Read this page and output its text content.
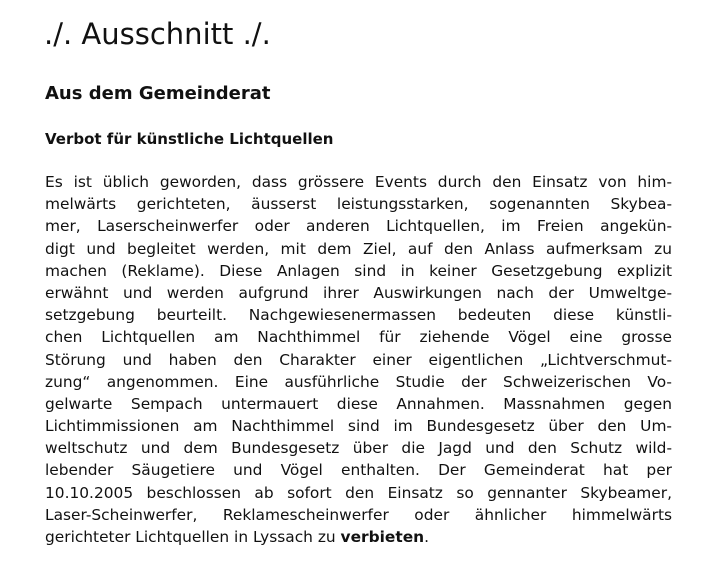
./. Ausschnitt ./.
Aus dem Gemeinderat
Verbot für künstliche Lichtquellen
Es ist üblich geworden, dass grössere Events durch den Einsatz von him-
melwärts gerichteten, äusserst leistungsstarken, sogenannten Skybea-
mer, Laserscheinwerfer oder anderen Lichtquellen, im Freien angekün-
digt und begleitet werden, mit dem Ziel, auf den Anlass aufmerksam zu
machen (Reklame). Diese Anlagen sind in keiner Gesetzgebung explizit
erwähnt und werden aufgrund ihrer Auswirkungen nach der Umweltge-
setzgebung beurteilt. Nachgewiesenermassen bedeuten diese künstli-
chen Lichtquellen am Nachthimmel für ziehende Vögel eine grosse
Störung und haben den Charakter einer eigentlichen „Lichtverschmut-
zung“ angenommen. Eine ausführliche Studie der Schweizerischen Vo-
gelwarte Sempach untermauert diese Annahmen. Massnahmen gegen
Lichtimmissionen am Nachthimmel sind im Bundesgesetz über den Um-
weltschutz und dem Bundesgesetz über die Jagd und den Schutz wild-
lebender Säugetiere und Vögel enthalten. Der Gemeinderat hat per
10.10.2005 beschlossen ab sofort den Einsatz so gennanter Skybeamer,
Laser-Scheinwerfer, Reklamescheinwerfer oder ähnlicher himmelwärts
gerichteter Lichtquellen in Lyssach zu verbieten.
